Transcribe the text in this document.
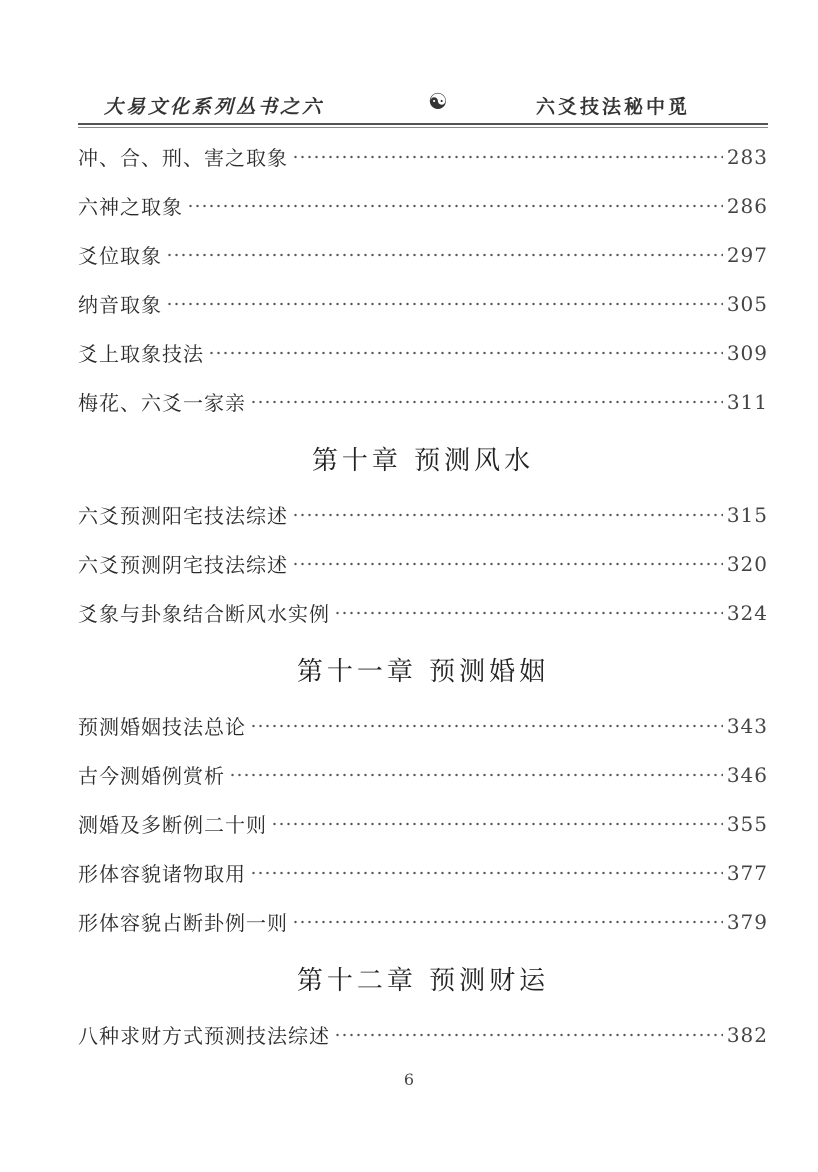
大易文化系列丛书之六	☯	六爻技法秘中觅
冲、合、刑、害之取象	283
六神之取象	286
爻位取象	297
纳音取象	305
爻上取象技法	309
梅花、六爻一家亲	311
第十章 预测风水
六爻预测阳宅技法综述	315
六爻预测阴宅技法综述	320
爻象与卦象结合断风水实例	324
第十一章 预测婚姻
预测婚姻技法总论	343
古今测婚例赏析	346
测婚及多断例二十则	355
形体容貌诸物取用	377
形体容貌占断卦例一则	379
第十二章 预测财运
八种求财方式预测技法综述	382
6
